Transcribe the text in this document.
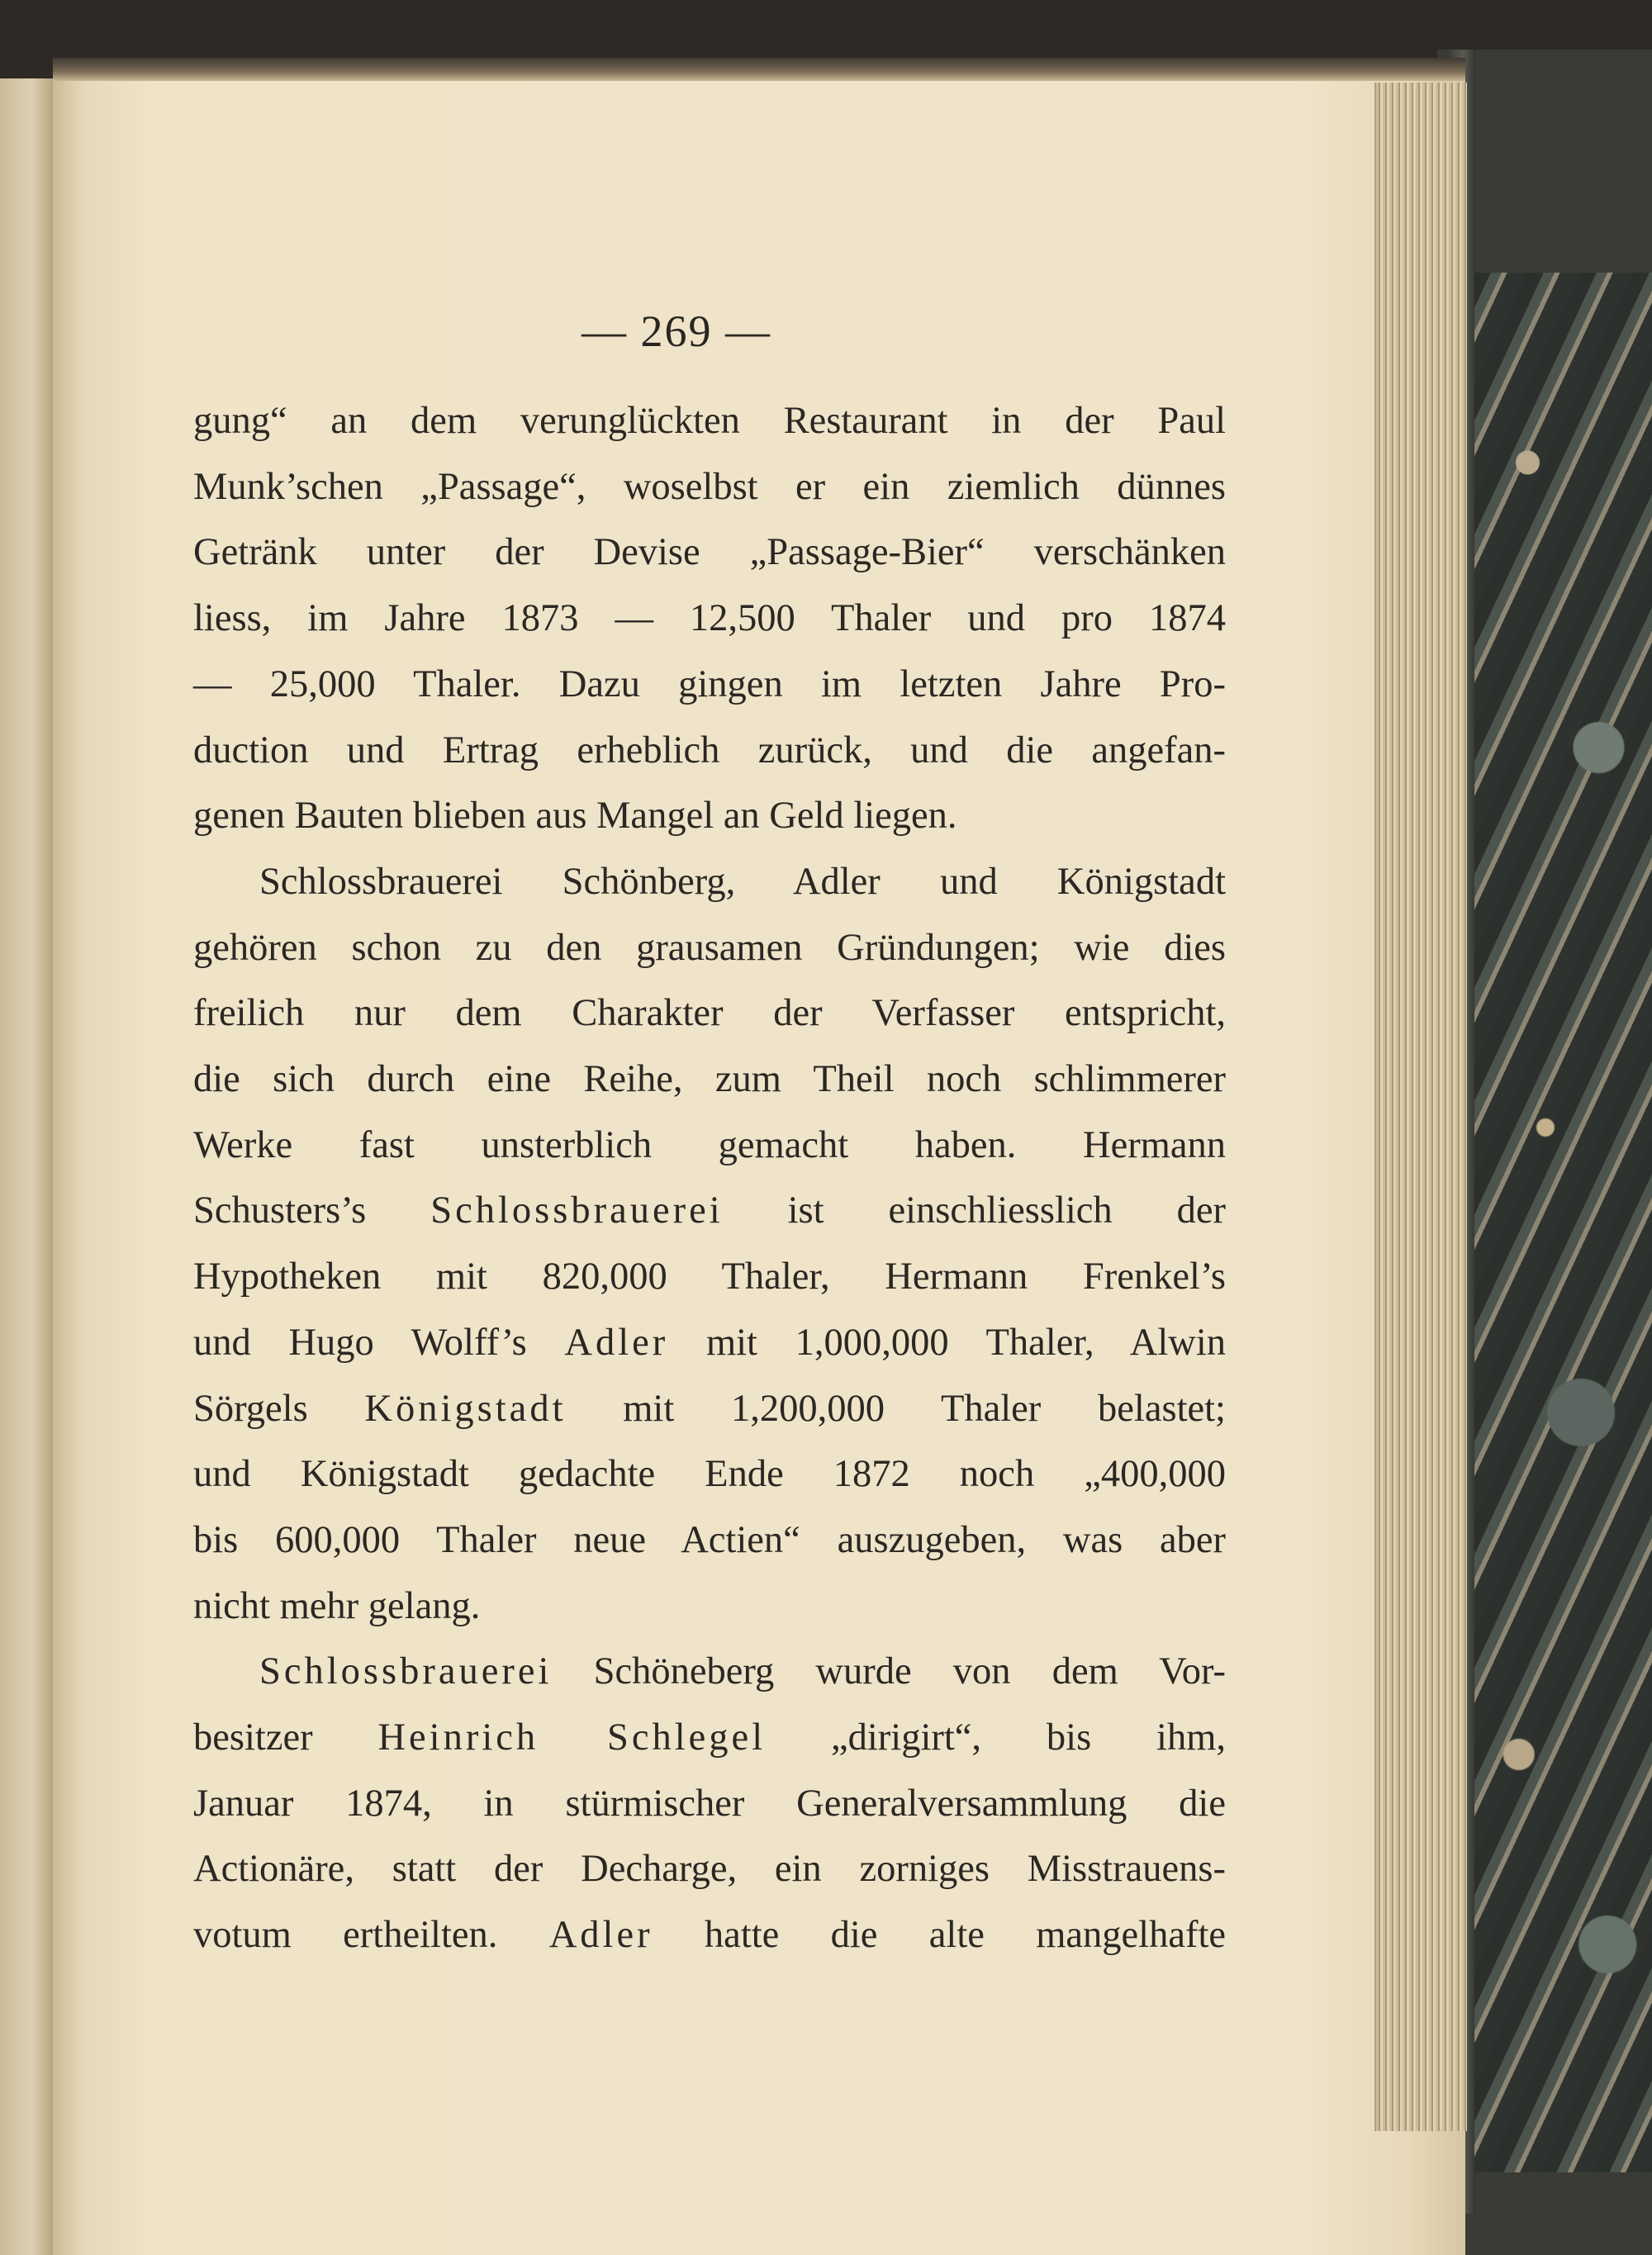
— 269 —
gung“ an dem verunglückten Restaurant in der Paul
Munk’schen „Passage“, woselbst er ein ziemlich dünnes
Getränk unter der Devise „Passage-Bier“ verschänken
liess, im Jahre 1873 — 12,500 Thaler und pro 1874
— 25,000 Thaler. Dazu gingen im letzten Jahre Pro-
duction und Ertrag erheblich zurück, und die angefan-
genen Bauten blieben aus Mangel an Geld liegen.
Schlossbrauerei Schönberg, Adler und Königstadt
gehören schon zu den grausamen Gründungen; wie dies
freilich nur dem Charakter der Verfasser entspricht,
die sich durch eine Reihe, zum Theil noch schlimmerer
Werke fast unsterblich gemacht haben. Hermann
Schusters’s Schlossbrauerei ist einschliesslich der
Hypotheken mit 820,000 Thaler, Hermann Frenkel’s
und Hugo Wolff’s Adler mit 1,000,000 Thaler, Alwin
Sörgels Königstadt mit 1,200,000 Thaler belastet;
und Königstadt gedachte Ende 1872 noch „400,000
bis 600,000 Thaler neue Actien“ auszugeben, was aber
nicht mehr gelang.
Schlossbrauerei Schöneberg wurde von dem Vor-
besitzer Heinrich Schlegel „dirigirt“, bis ihm,
Januar 1874, in stürmischer Generalversammlung die
Actionäre, statt der Decharge, ein zorniges Misstrauens-
votum ertheilten. Adler hatte die alte mangelhafte
